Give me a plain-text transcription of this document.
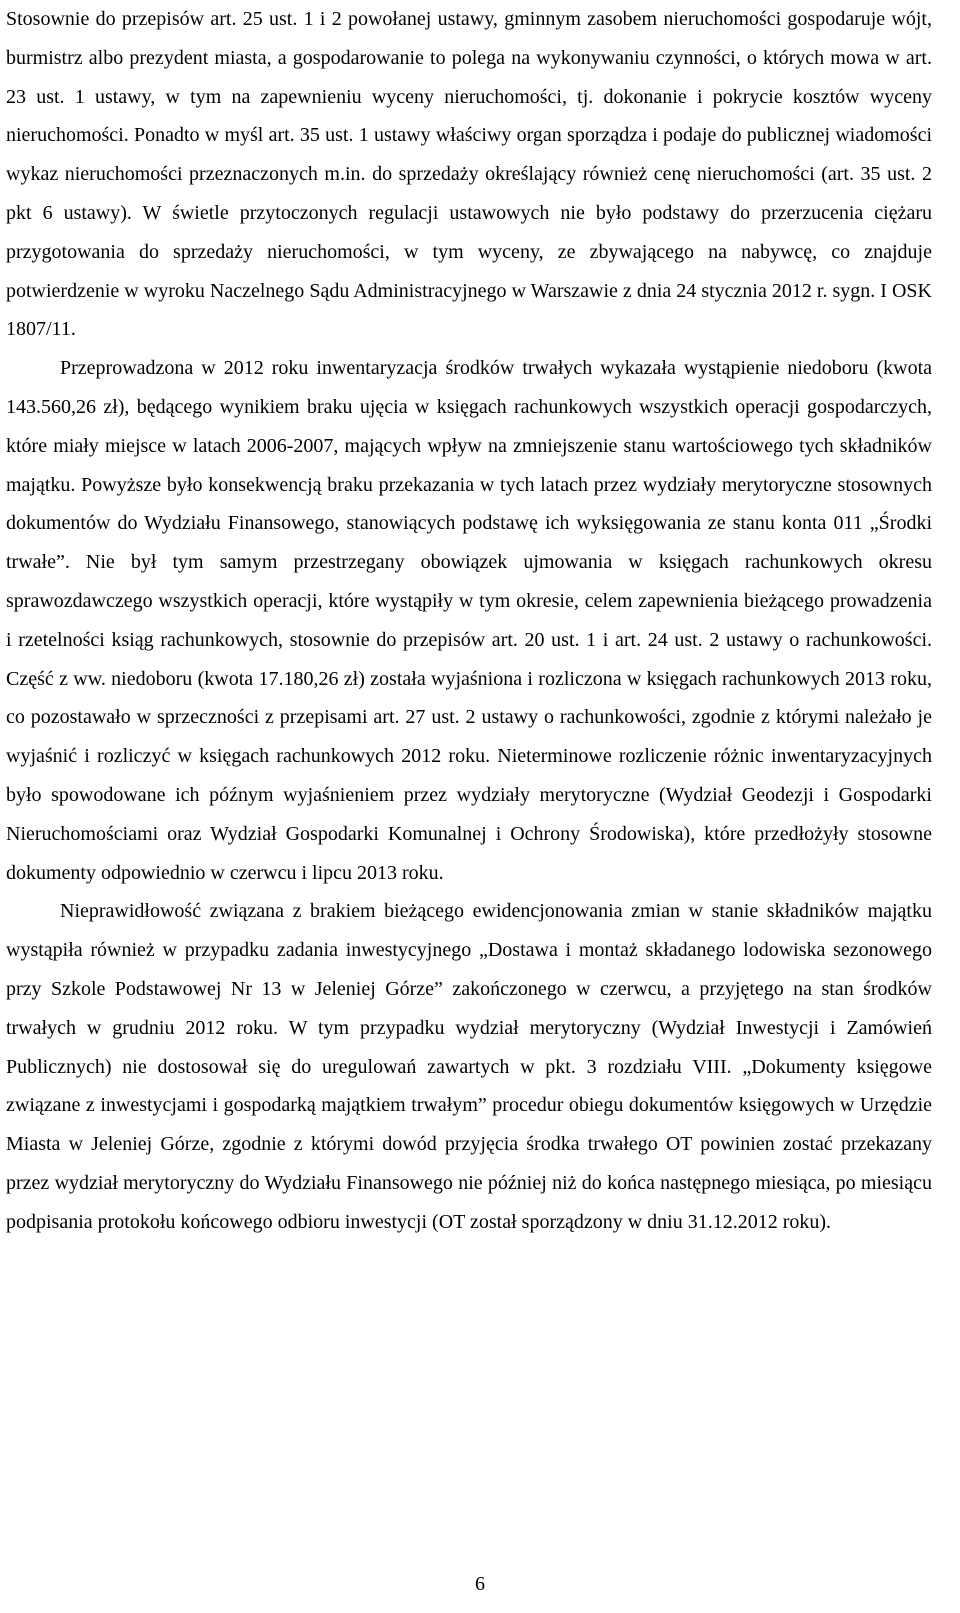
Stosownie do przepisów art. 25 ust. 1 i 2 powołanej ustawy, gminnym zasobem nieruchomości gospodaruje wójt, burmistrz albo prezydent miasta, a gospodarowanie to polega na wykonywaniu czynności, o których mowa w art. 23 ust. 1 ustawy, w tym na zapewnieniu wyceny nieruchomości, tj. dokonanie i pokrycie kosztów wyceny nieruchomości. Ponadto w myśl art. 35 ust. 1 ustawy właściwy organ sporządza i podaje do publicznej wiadomości wykaz nieruchomości przeznaczonych m.in. do sprzedaży określający również cenę nieruchomości (art. 35 ust. 2 pkt 6 ustawy). W świetle przytoczonych regulacji ustawowych nie było podstawy do przerzucenia ciężaru przygotowania do sprzedaży nieruchomości, w tym wyceny, ze zbywającego na nabywcę, co znajduje potwierdzenie w wyroku Naczelnego Sądu Administracyjnego w Warszawie z dnia 24 stycznia 2012 r. sygn. I OSK 1807/11.

Przeprowadzona w 2012 roku inwentaryzacja środków trwałych wykazała wystąpienie niedoboru (kwota 143.560,26 zł), będącego wynikiem braku ujęcia w księgach rachunkowych wszystkich operacji gospodarczych, które miały miejsce w latach 2006-2007, mających wpływ na zmniejszenie stanu wartościowego tych składników majątku. Powyższe było konsekwencją braku przekazania w tych latach przez wydziały merytoryczne stosownych dokumentów do Wydziału Finansowego, stanowiących podstawę ich wyksięgowania ze stanu konta 011 „Środki trwałe”. Nie był tym samym przestrzegany obowiązek ujmowania w księgach rachunkowych okresu sprawozdawczego wszystkich operacji, które wystąpiły w tym okresie, celem zapewnienia bieżącego prowadzenia i rzetelności ksiąg rachunkowych, stosownie do przepisów art. 20 ust. 1 i art. 24 ust. 2 ustawy o rachunkowości. Część z ww. niedoboru (kwota 17.180,26 zł) została wyjaśniona i rozliczona w księgach rachunkowych 2013 roku, co pozostawało w sprzeczności z przepisami art. 27 ust. 2 ustawy o rachunkowości, zgodnie z którymi należało je wyjaśnić i rozliczyć w księgach rachunkowych 2012 roku. Nieterminowe rozliczenie różnic inwentaryzacyjnych było spowodowane ich późnym wyjaśnieniem przez wydziały merytoryczne (Wydział Geodezji i Gospodarki Nieruchomościami oraz Wydział Gospodarki Komunalnej i Ochrony Środowiska), które przedłożyły stosowne dokumenty odpowiednio w czerwcu i lipcu 2013 roku.

Nieprawidłowość związana z brakiem bieżącego ewidencjonowania zmian w stanie składników majątku wystąpiła również w przypadku zadania inwestycyjnego „Dostawa i montaż składanego lodowiska sezonowego przy Szkole Podstawowej Nr 13 w Jeleniej Górze” zakończonego w czerwcu, a przyjętego na stan środków trwałych w grudniu 2012 roku. W tym przypadku wydział merytoryczny (Wydział Inwestycji i Zamówień Publicznych) nie dostosował się do uregulowań zawartych w pkt. 3 rozdziału VIII. „Dokumenty księgowe związane z inwestycjami i gospodarką majątkiem trwałym” procedur obiegu dokumentów księgowych w Urzędzie Miasta w Jeleniej Górze, zgodnie z którymi dowód przyjęcia środka trwałego OT powinien zostać przekazany przez wydział merytoryczny do Wydziału Finansowego nie później niż do końca następnego miesiąca, po miesiącu podpisania protokołu końcowego odbioru inwestycji (OT został sporządzony w dniu 31.12.2012 roku).

6
